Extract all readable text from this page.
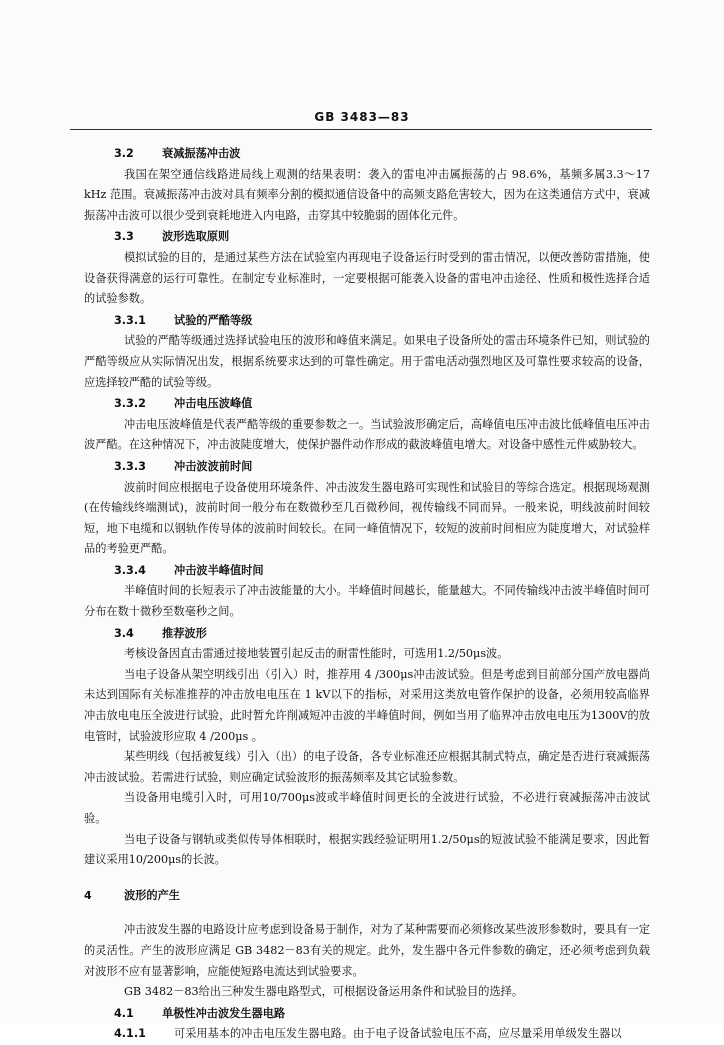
GB 3483—83
3.2	衰减振荡冲击波

我国在架空通信线路进局线上观测的结果表明：袭入的雷电冲击属振荡的占 98.6%，基频多属3.3～17 kHz 范围。衰减振荡冲击波对具有频率分割的模拟通信设备中的高频支路危害较大，因为在这类通信方式中，衰减振荡冲击波可以很少受到衰耗地进入内电路，击穿其中较脆弱的固体化元件。

3.3	波形选取原则

模拟试验的目的，是通过某些方法在试验室内再现电子设备运行时受到的雷击情况，以便改善防雷措施，使设备获得满意的运行可靠性。在制定专业标准时，一定要根据可能袭入设备的雷电冲击途径、性质和极性选择合适的试验参数。

3.3.1	试验的严酷等级

试验的严酷等级通过选择试验电压的波形和峰值来满足。如果电子设备所处的雷击环境条件已知，则试验的严酷等级应从实际情况出发，根据系统要求达到的可靠性确定。用于雷电活动强烈地区及可靠性要求较高的设备，应选择较严酷的试验等级。

3.3.2	冲击电压波峰值

冲击电压波峰值是代表严酷等级的重要参数之一。当试验波形确定后，高峰值电压冲击波比低峰值电压冲击波严酷。在这种情况下，冲击波陡度增大，使保护器件动作形成的截波峰值电增大。对设备中感性元件威胁较大。

3.3.3	冲击波波前时间

波前时间应根据电子设备使用环境条件、冲击波发生器电路可实现性和试验目的等综合选定。根据现场观测(在传输线终端测试)，波前时间一般分布在数微秒至几百微秒间，视传输线不同而异。一般来说，明线波前时间较短，地下电缆和以钢轨作传导体的波前时间较长。在同一峰值情况下，较短的波前时间相应为陡度增大，对试验样品的考验更严酷。

3.3.4	冲击波半峰值时间

半峰值时间的长短表示了冲击波能量的大小。半峰值时间越长，能量越大。不同传输线冲击波半峰值时间可分布在数十微秒至数毫秒之间。

3.4	推荐波形

考核设备因直击雷通过接地装置引起反击的耐雷性能时，可选用1.2/50μs波。

当电子设备从架空明线引出（引入）时，推荐用 4 /300μs冲击波试验。但是考虑到目前部分国产放电器尚未达到国际有关标准推荐的冲击放电电压在 1 kV以下的指标，对采用这类放电管作保护的设备，必须用较高临界冲击放电电压全波进行试验，此时暂允许削减短冲击波的半峰值时间，例如当用了临界冲击放电电压为1300V的放电管时，试验波形应取 4 /200μs 。

某些明线（包括被复线）引入（出）的电子设备，各专业标准还应根据其制式特点，确定是否进行衰减振荡冲击波试验。若需进行试验，则应确定试验波形的振荡频率及其它试验参数。

当设备用电缆引入时，可用10/700μs波或半峰值时间更长的全波进行试验，不必进行衰减振荡冲击波试验。

当电子设备与钢轨或类似传导体相联时，根据实践经验证明用1.2/50μs的短波试验不能满足要求，因此暂建议采用10/200μs的长波。

4	波形的产生

冲击波发生器的电路设计应考虑到设备易于制作，对为了某种需要而必须修改某些波形参数时，要具有一定的灵活性。产生的波形应满足 GB 3482－83有关的规定。此外，发生器中各元件参数的确定，还必须考虑到负载对波形不应有显著影响，应能使短路电流达到试验要求。

GB 3482－83给出三种发生器电路型式，可根据设备运用条件和试验目的选择。

4.1	单极性冲击波发生器电路
4.1.1	可采用基本的冲击电压发生器电路。由于电子设备试验电压不高，应尽量采用单级发生器以
